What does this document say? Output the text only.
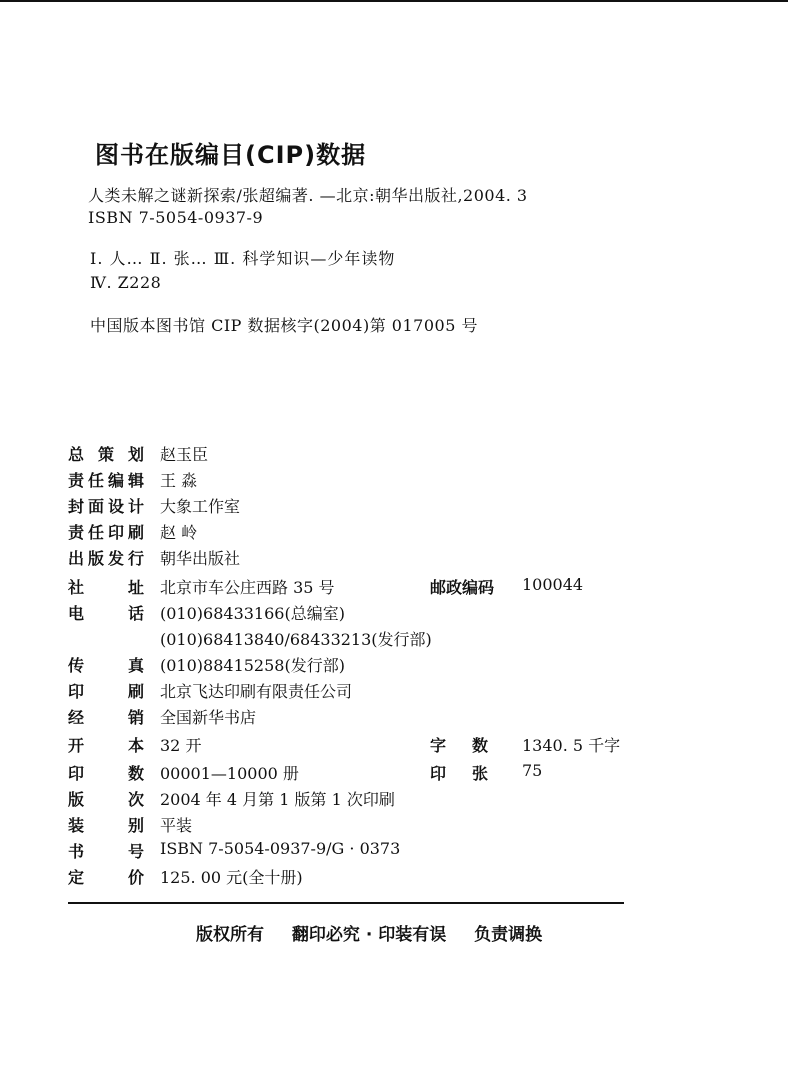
图书在版编目(CIP)数据
人类未解之谜新探索/张超编著. —北京:朝华出版社,2004. 3
ISBN 7-5054-0937-9
Ⅰ. 人… Ⅱ. 张… Ⅲ. 科学知识—少年读物
Ⅳ. Z228
中国版本图书馆 CIP 数据核字(2004)第 017005 号
总策划 赵玉臣
责任编辑 王 淼
封面设计 大象工作室
责任印刷 赵 岭
出版发行 朝华出版社
社址 北京市车公庄西路 35 号	邮政编码 100044
电话 (010)68433166(总编室)
(010)68413840/68433213(发行部)
传真 (010)88415258(发行部)
印刷 北京飞达印刷有限责任公司
经销 全国新华书店
开本 32 开	字数 1340. 5 千字
印数 00001—10000 册	印张 75
版次 2004 年 4 月第 1 版第 1 次印刷
装别 平装
书号 ISBN 7-5054-0937-9/G · 0373
定价 125. 00 元(全十册)
版权所有 翻印必究 · 印装有误 负责调换
